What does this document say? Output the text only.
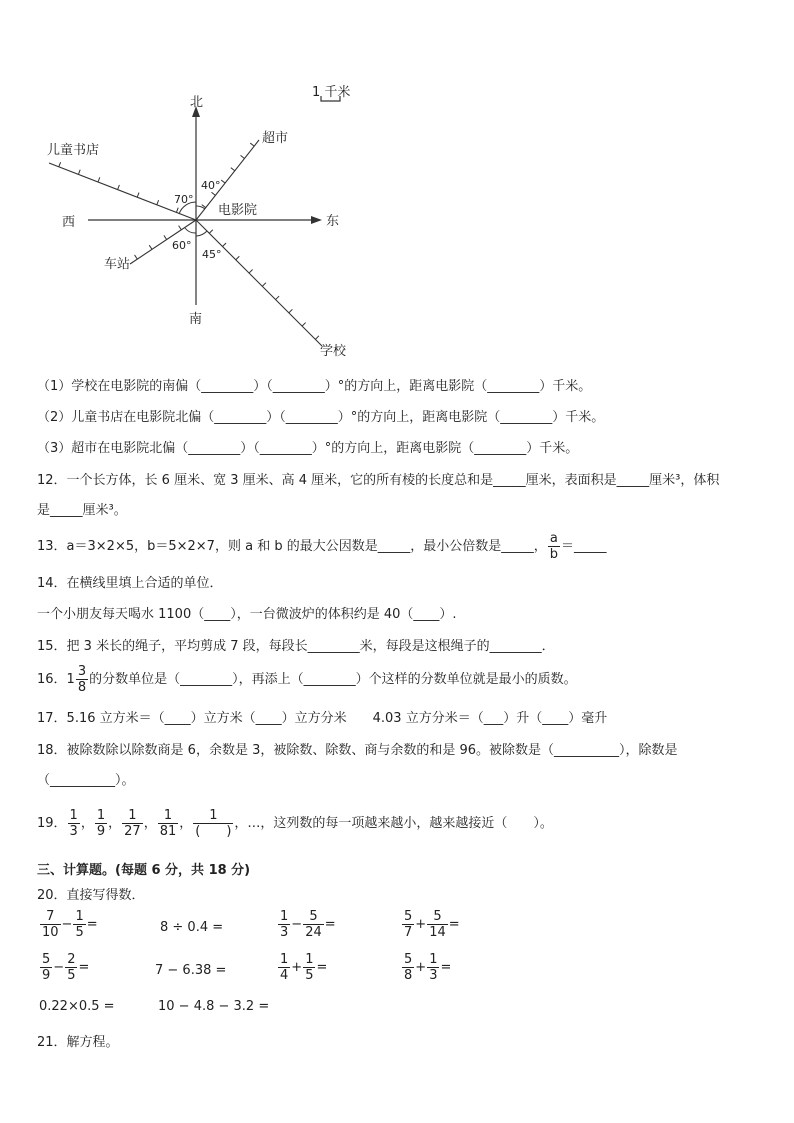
1 千米
北
南
西	东
电影院
儿童书店
超市
车站
学校
70°
40°
60°
45°
（1）学校在电影院的南偏（________）（________）°的方向上，距离电影院（________）千米。
（2）儿童书店在电影院北偏（________）（________）°的方向上，距离电影院（________）千米。
（3）超市在电影院北偏（________）（________）°的方向上，距离电影院（________）千米。
12．一个长方体，长 6 厘米、宽 3 厘米、高 4 厘米，它的所有棱的长度总和是_____厘米，表面积是_____厘米³，体积
是_____厘米³。
13．a＝3×2×5，b＝5×2×7，则 a 和 b 的最大公因数是_____，最小公倍数是_____， $\frac{a}{b}$ ＝_____
14．在横线里填上合适的单位．
一个小朋友每天喝水 1100（____），一台微波炉的体积约是 40（____）.
15．把 3 米长的绳子，平均剪成 7 段，每段长________米，每段是这根绳子的________．
16．$1 \frac{3}{8}$ 的分数单位是（________），再添上（________）个这样的分数单位就是最小的质数。
17．5.16 立方米＝（____）立方米（____）立方分米　　4.03 立方分米＝（___）升（____）毫升
18．被除数除以除数商是 6，余数是 3，被除数、除数、商与余数的和是 96。被除数是（__________），除数是
（__________）。
19． $\frac{1}{3}$ ， $\frac{1}{9}$ ， $\frac{1}{27}$ ， $\frac{1}{81}$ ， $\frac{1}{( )}$ ，…，这列数的每一项越来越小，越来越接近（　　）。
三、计算题。(每题 6 分，共 18 分)
20．直接写得数．
$\frac{7}{10} - \frac{1}{5}$ =	8 ÷ 0.4 =	$\frac{1}{3} - \frac{5}{24}$ =	$\frac{5}{7} + \frac{5}{14}$ =
$\frac{5}{9} - \frac{2}{5}$ =	7 − 6.38 =	$\frac{1}{4} + \frac{1}{5}$ =	$\frac{5}{8} + \frac{1}{3}$ =
0.22×0.5 =	10 − 4.8 − 3.2 =
21．解方程。
